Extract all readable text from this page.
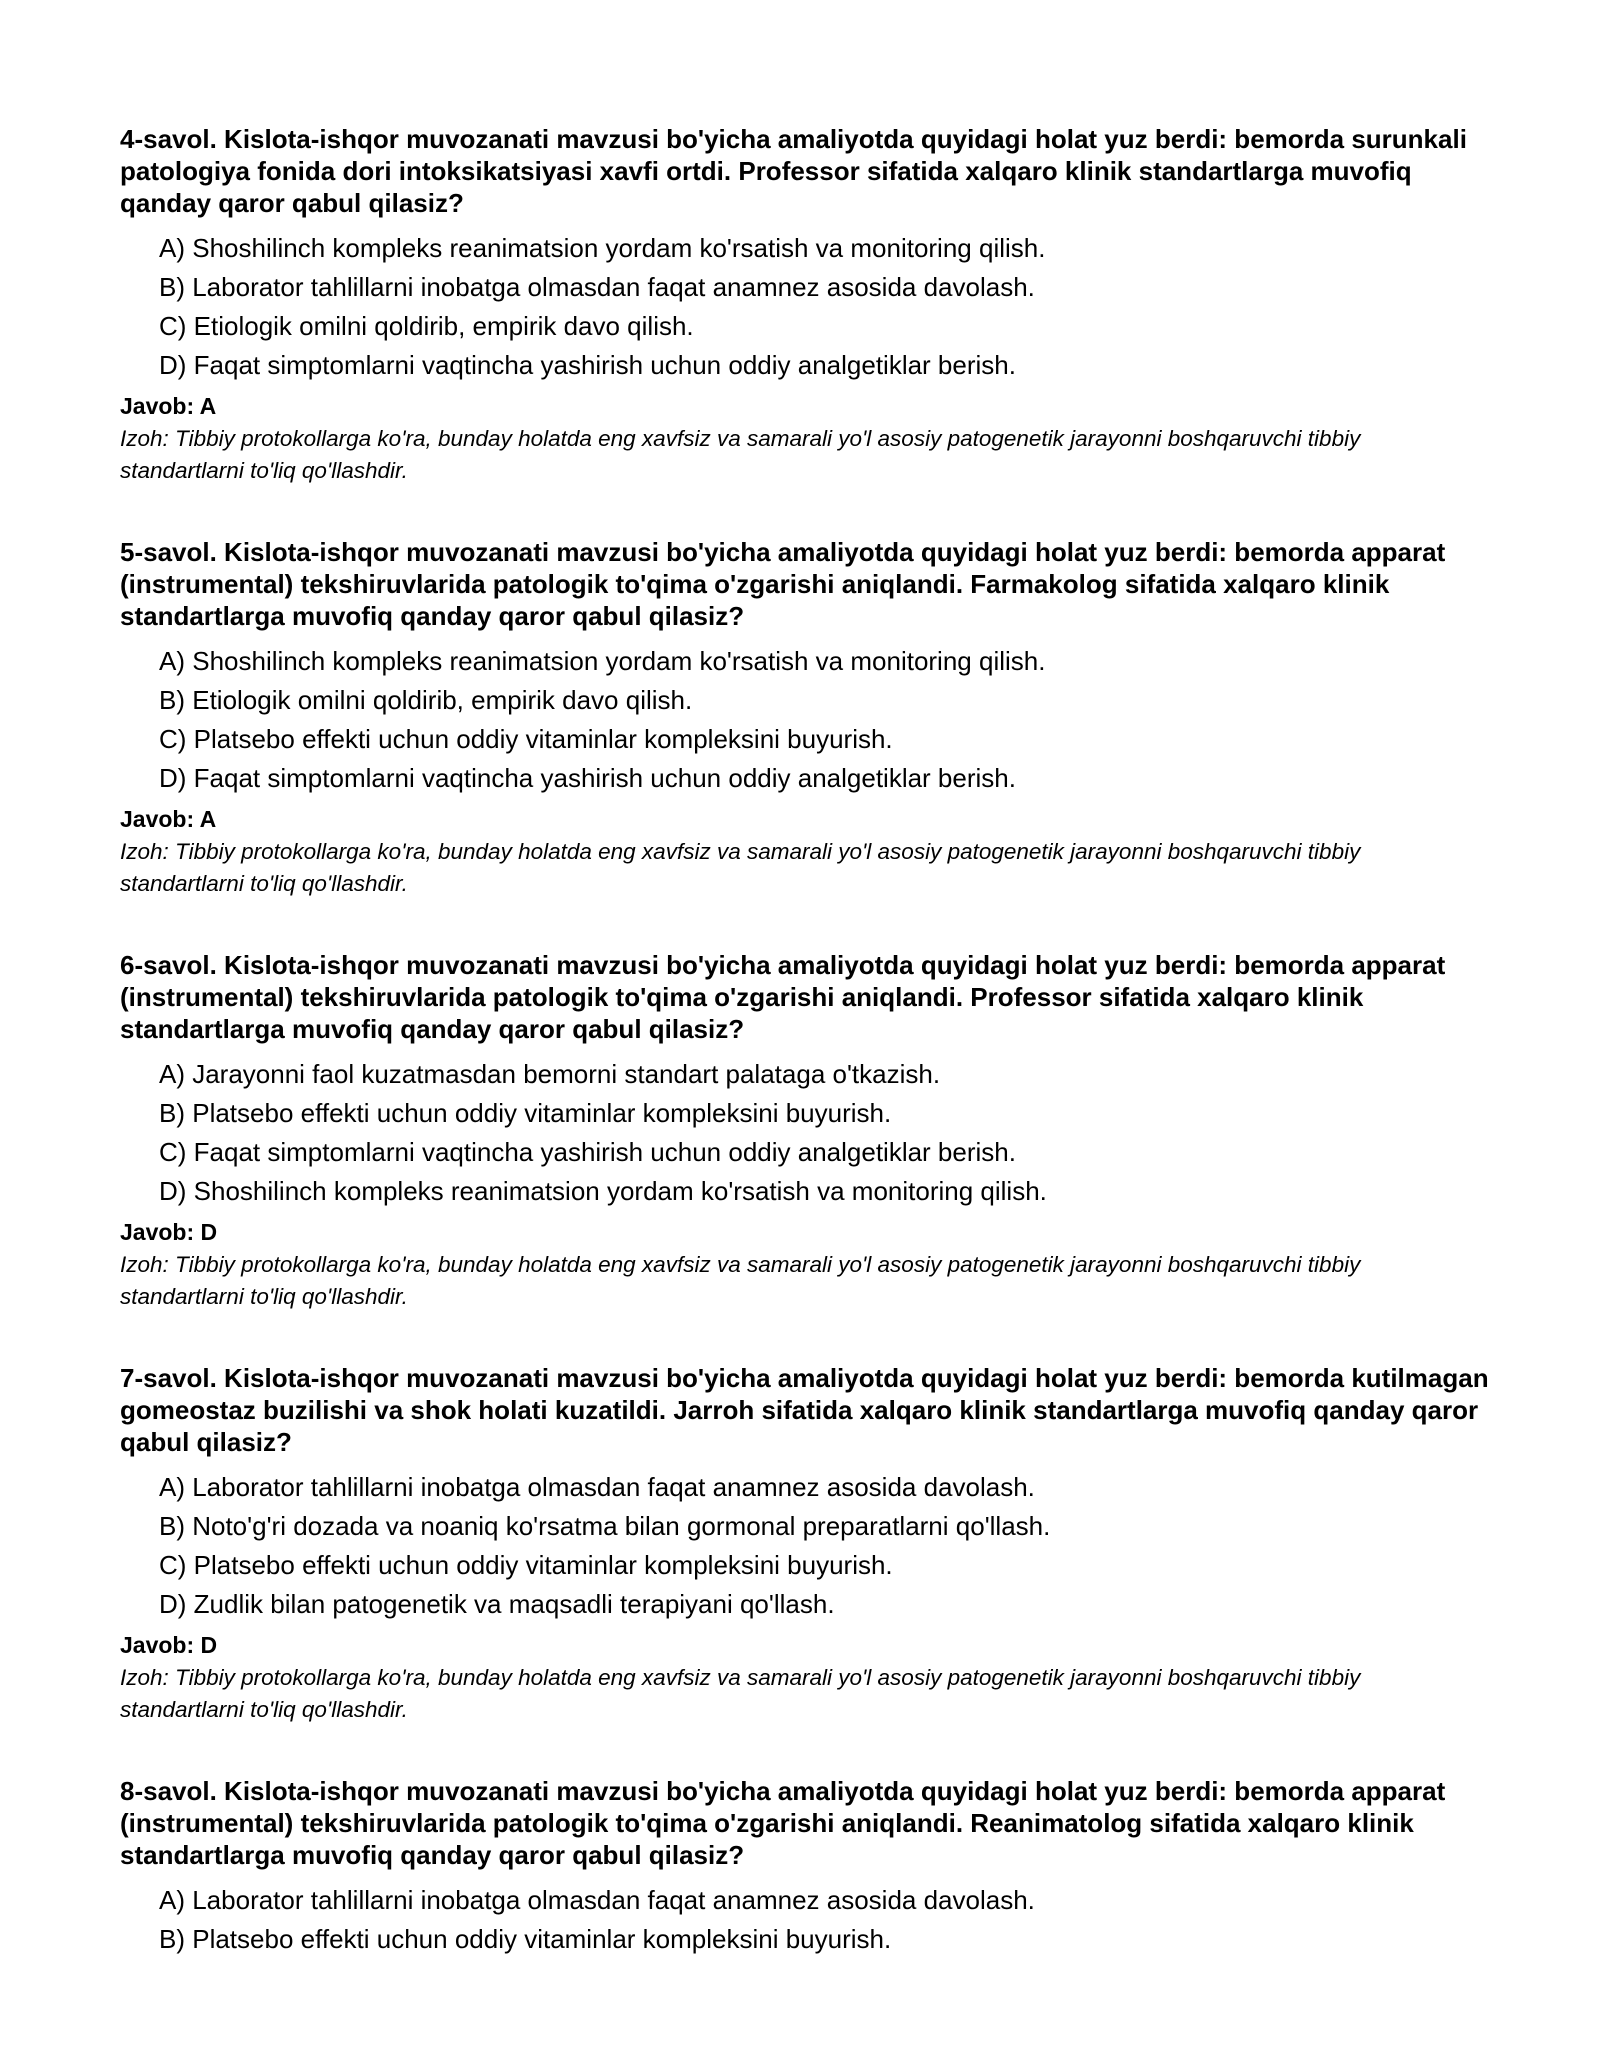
4-savol. Kislota-ishqor muvozanati mavzusi bo'yicha amaliyotda quyidagi holat yuz berdi: bemorda surunkali patologiya fonida dori intoksikatsiyasi xavfi ortdi. Professor sifatida xalqaro klinik standartlarga muvofiq qanday qaror qabul qilasiz?

A) Shoshilinch kompleks reanimatsion yordam ko'rsatish va monitoring qilish.
B) Laborator tahlillarni inobatga olmasdan faqat anamnez asosida davolash.
C) Etiologik omilni qoldirib, empirik davo qilish.
D) Faqat simptomlarni vaqtincha yashirish uchun oddiy analgetiklar berish.

Javob: A

Izoh: Tibbiy protokollarga ko'ra, bunday holatda eng xavfsiz va samarali yo'l asosiy patogenetik jarayonni boshqaruvchi tibbiy standartlarni to'liq qo'llashdir.

5-savol. Kislota-ishqor muvozanati mavzusi bo'yicha amaliyotda quyidagi holat yuz berdi: bemorda apparat (instrumental) tekshiruvlarida patologik to'qima o'zgarishi aniqlandi. Farmakolog sifatida xalqaro klinik standartlarga muvofiq qanday qaror qabul qilasiz?

A) Shoshilinch kompleks reanimatsion yordam ko'rsatish va monitoring qilish.
B) Etiologik omilni qoldirib, empirik davo qilish.
C) Platsebo effekti uchun oddiy vitaminlar kompleksini buyurish.
D) Faqat simptomlarni vaqtincha yashirish uchun oddiy analgetiklar berish.

Javob: A

Izoh: Tibbiy protokollarga ko'ra, bunday holatda eng xavfsiz va samarali yo'l asosiy patogenetik jarayonni boshqaruvchi tibbiy standartlarni to'liq qo'llashdir.

6-savol. Kislota-ishqor muvozanati mavzusi bo'yicha amaliyotda quyidagi holat yuz berdi: bemorda apparat (instrumental) tekshiruvlarida patologik to'qima o'zgarishi aniqlandi. Professor sifatida xalqaro klinik standartlarga muvofiq qanday qaror qabul qilasiz?

A) Jarayonni faol kuzatmasdan bemorni standart palataga o'tkazish.
B) Platsebo effekti uchun oddiy vitaminlar kompleksini buyurish.
C) Faqat simptomlarni vaqtincha yashirish uchun oddiy analgetiklar berish.
D) Shoshilinch kompleks reanimatsion yordam ko'rsatish va monitoring qilish.

Javob: D

Izoh: Tibbiy protokollarga ko'ra, bunday holatda eng xavfsiz va samarali yo'l asosiy patogenetik jarayonni boshqaruvchi tibbiy standartlarni to'liq qo'llashdir.

7-savol. Kislota-ishqor muvozanati mavzusi bo'yicha amaliyotda quyidagi holat yuz berdi: bemorda kutilmagan gomeostaz buzilishi va shok holati kuzatildi. Jarroh sifatida xalqaro klinik standartlarga muvofiq qanday qaror qabul qilasiz?

A) Laborator tahlillarni inobatga olmasdan faqat anamnez asosida davolash.
B) Noto'g'ri dozada va noaniq ko'rsatma bilan gormonal preparatlarni qo'llash.
C) Platsebo effekti uchun oddiy vitaminlar kompleksini buyurish.
D) Zudlik bilan patogenetik va maqsadli terapiyani qo'llash.

Javob: D

Izoh: Tibbiy protokollarga ko'ra, bunday holatda eng xavfsiz va samarali yo'l asosiy patogenetik jarayonni boshqaruvchi tibbiy standartlarni to'liq qo'llashdir.

8-savol. Kislota-ishqor muvozanati mavzusi bo'yicha amaliyotda quyidagi holat yuz berdi: bemorda apparat (instrumental) tekshiruvlarida patologik to'qima o'zgarishi aniqlandi. Reanimatolog sifatida xalqaro klinik standartlarga muvofiq qanday qaror qabul qilasiz?

A) Laborator tahlillarni inobatga olmasdan faqat anamnez asosida davolash.
B) Platsebo effekti uchun oddiy vitaminlar kompleksini buyurish.
